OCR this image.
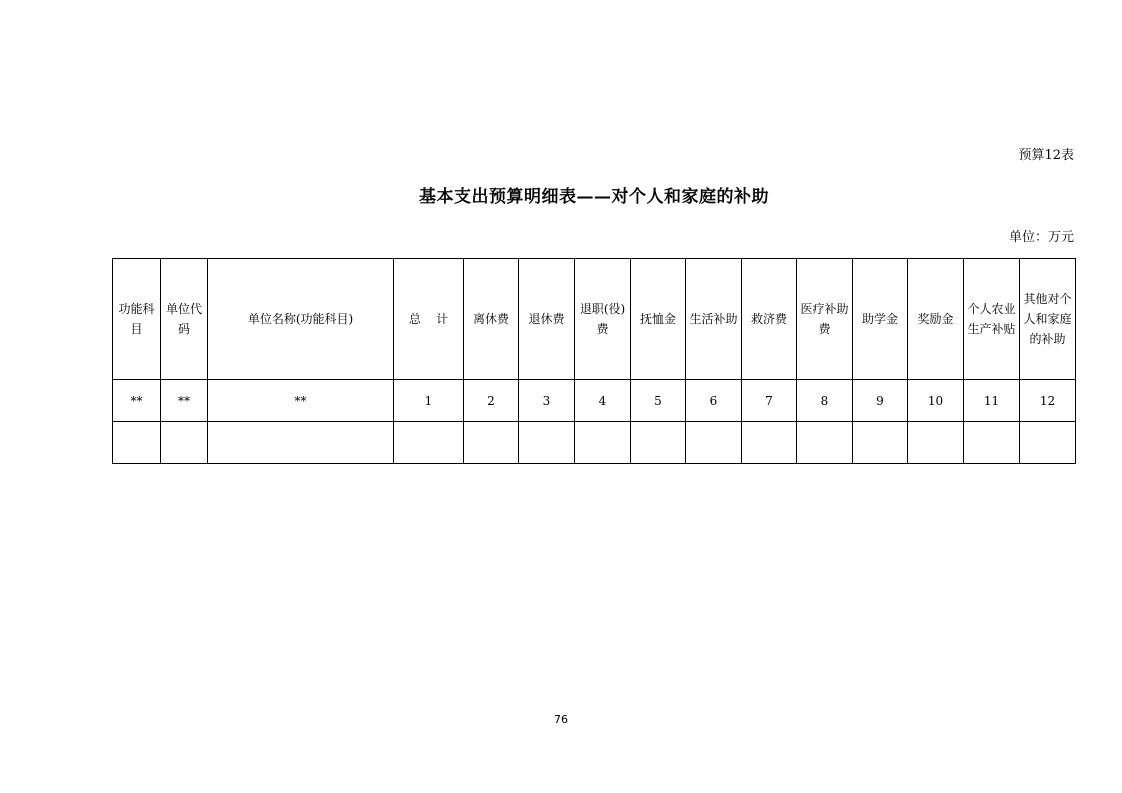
预算12表
基本支出预算明细表——对个人和家庭的补助
单位：万元
功能科目	单位代码	单位名称(功能科目)	总    计	离休费	退休费	退职(役)费	抚恤金	生活补助	救济费	医疗补助费	助学金	奖励金	个人农业生产补贴	其他对个人和家庭的补助

**	**	**	1	2	3	4	5	6	7	8	9	10	11	12

76
